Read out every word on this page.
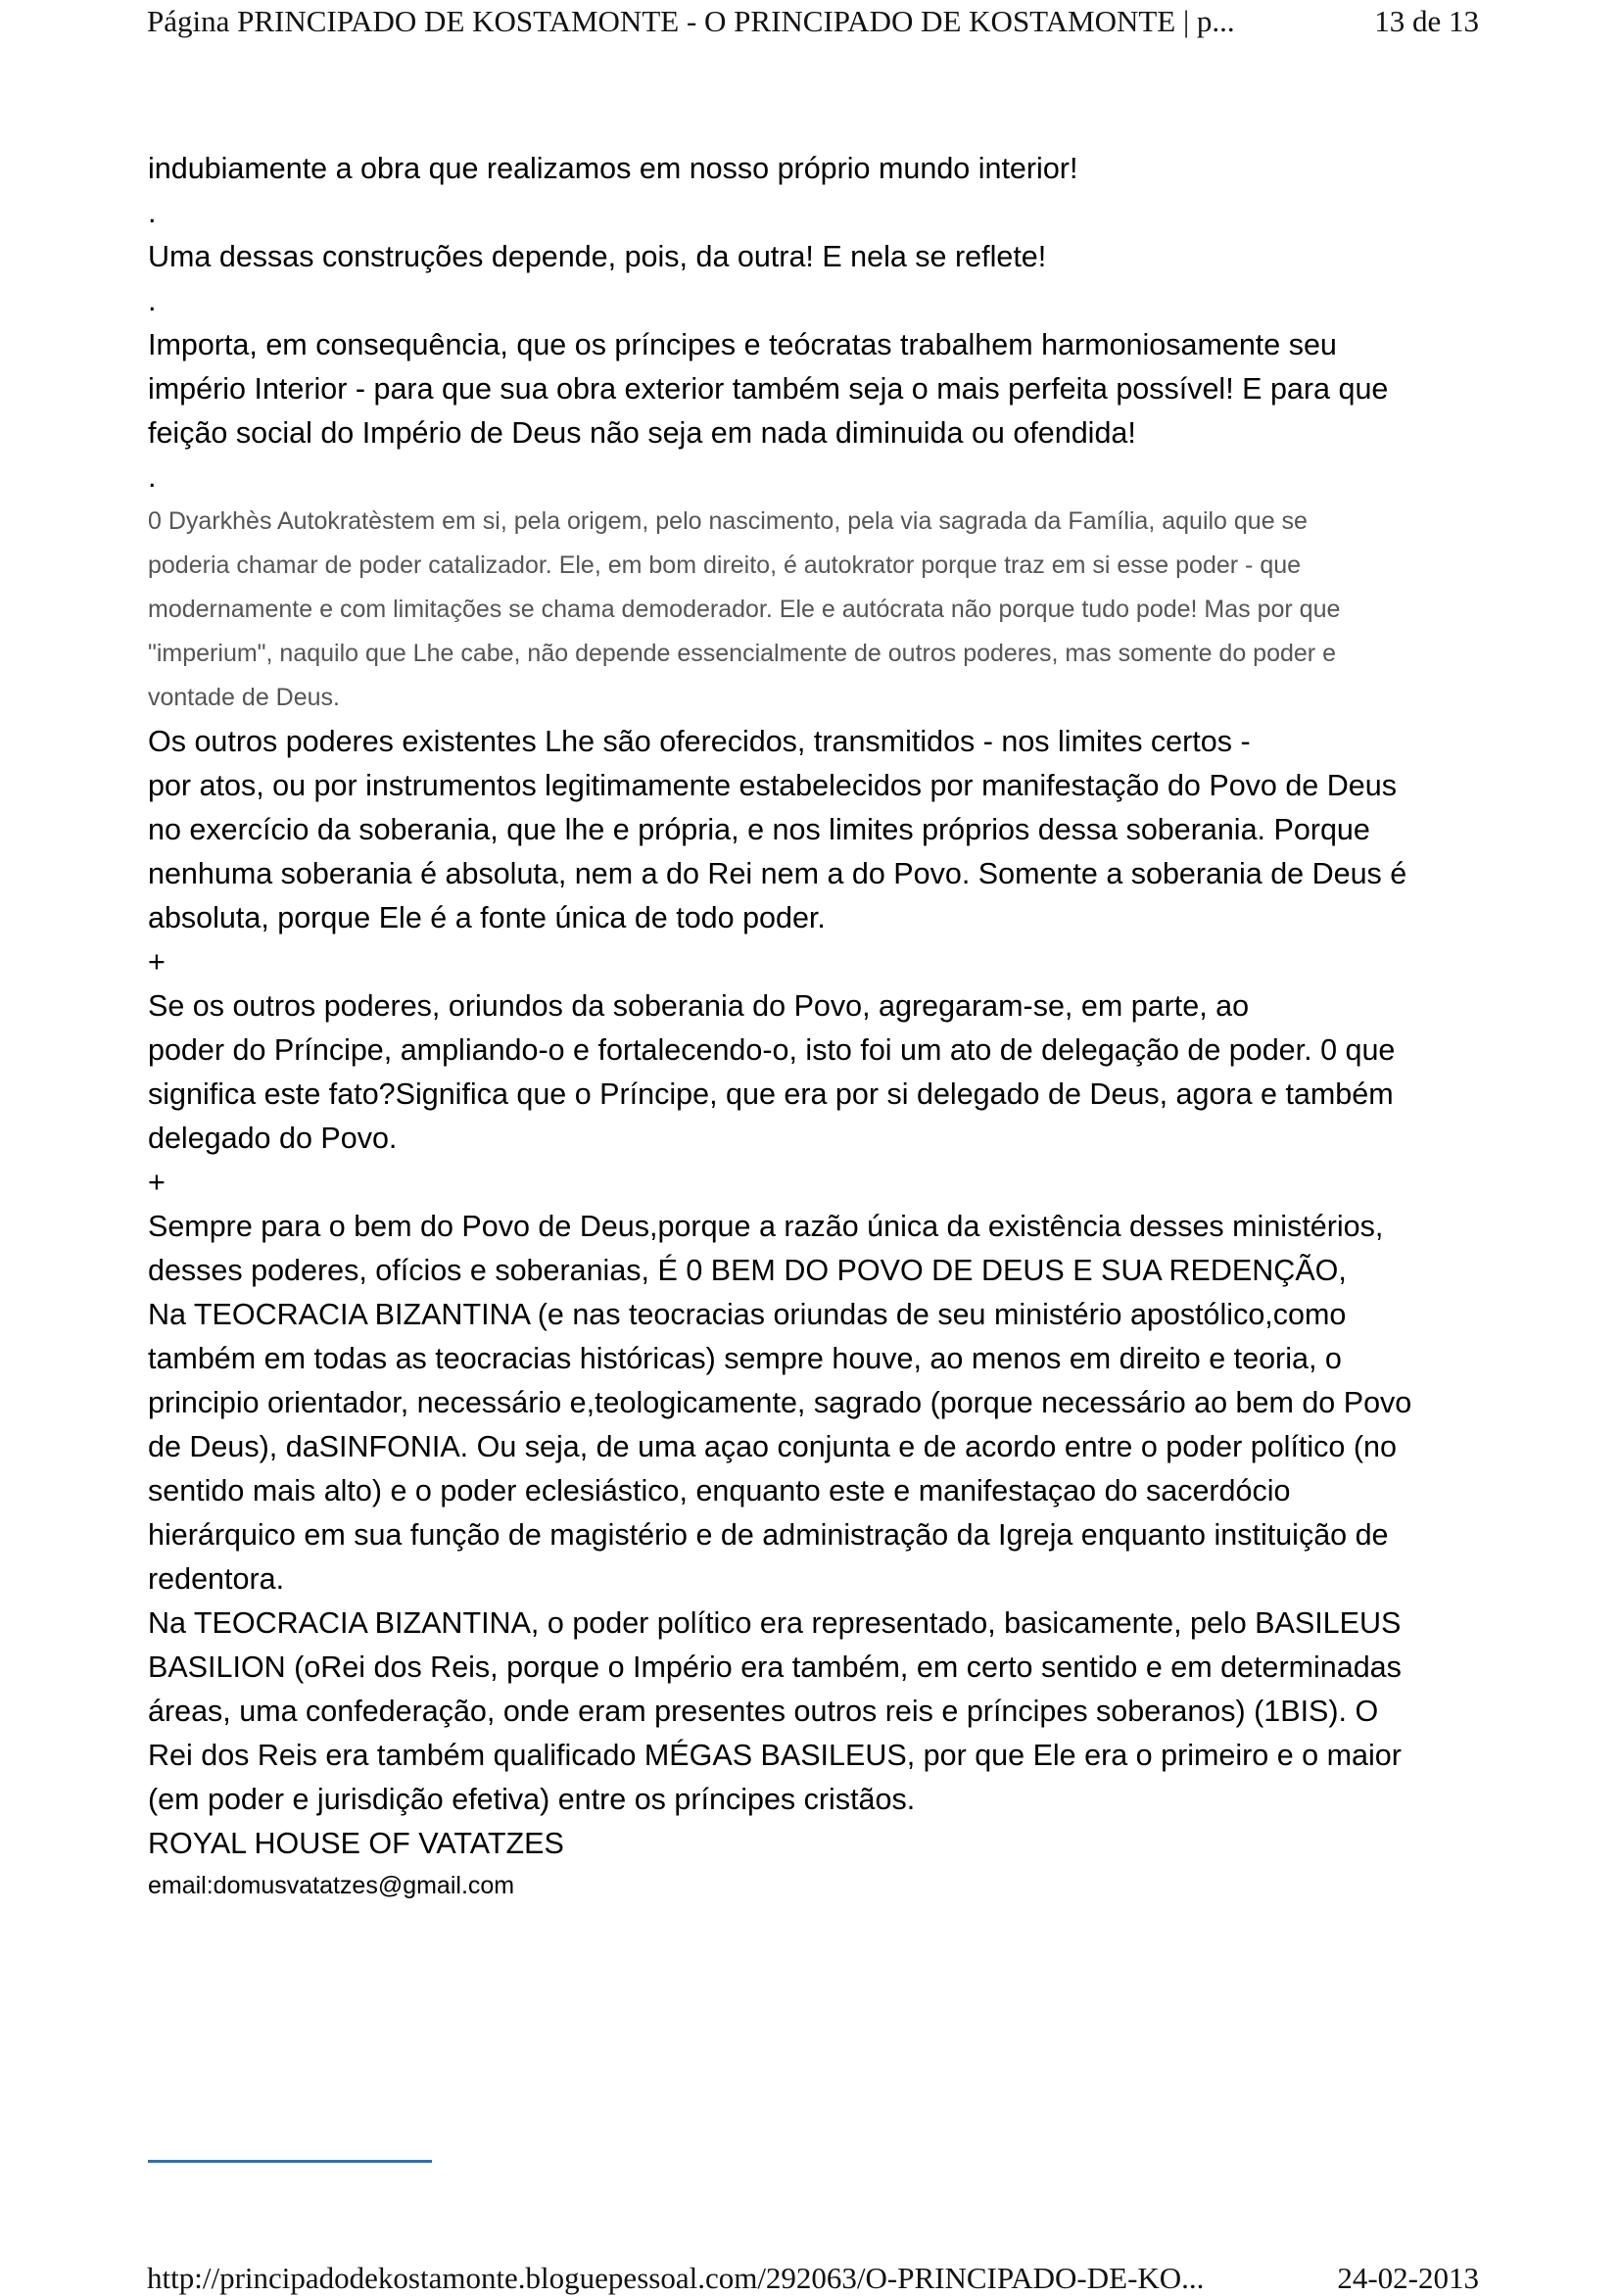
Página PRINCIPADO DE KOSTAMONTE - O PRINCIPADO DE KOSTAMONTE | p...	13 de 13
indubiamente a obra que realizamos em nosso próprio mundo interior!
.
Uma dessas construções depende, pois, da outra! E nela se reflete!
.
Importa, em consequência, que os príncipes e teócratas trabalhem harmoniosamente seu
império Interior - para que sua obra exterior também seja o mais perfeita possível! E para que
feição social do Império de Deus não seja em nada diminuida ou ofendida!
.
0 Dyarkhès Autokratèstem em si, pela origem, pelo nascimento, pela via sagrada da Família, aquilo que se
poderia chamar de poder catalizador. Ele, em bom direito, é autokrator porque traz em si esse poder - que
modernamente e com limitações se chama demoderador. Ele e autócrata não porque tudo pode! Mas por que
"imperium", naquilo que Lhe cabe, não depende essencialmente de outros poderes, mas somente do poder e
vontade de Deus.
Os outros poderes existentes Lhe são oferecidos, transmitidos - nos limites certos -
por atos, ou por instrumentos legitimamente estabelecidos por manifestação do Povo de Deus
no exercício da soberania, que lhe e própria, e nos limites próprios dessa soberania. Porque
nenhuma soberania é absoluta, nem a do Rei nem a do Povo. Somente a soberania de Deus é
absoluta, porque Ele é a fonte única de todo poder.
+
Se os outros poderes, oriundos da soberania do Povo, agregaram-se, em parte, ao
poder do Príncipe, ampliando-o e fortalecendo-o, isto foi um ato de delegação de poder. 0 que
significa este fato?Significa que o Príncipe, que era por si delegado de Deus, agora e também
delegado do Povo.
+
Sempre para o bem do Povo de Deus,porque a razão única da existência desses ministérios,
desses poderes, ofícios e soberanias, É 0 BEM DO POVO DE DEUS E SUA REDENÇÃO,
Na TEOCRACIA BIZANTINA (e nas teocracias oriundas de seu ministério apostólico,como
também em todas as teocracias históricas) sempre houve, ao menos em direito e teoria, o
principio orientador, necessário e,teologicamente, sagrado (porque necessário ao bem do Povo
de Deus), daSINFONIA. Ou seja, de uma açao conjunta e de acordo entre o poder político (no
sentido mais alto) e o poder eclesiástico, enquanto este e manifestaçao do sacerdócio
hierárquico em sua função de magistério e de administração da Igreja enquanto instituição de
redentora.
Na TEOCRACIA BIZANTINA, o poder político era representado, basicamente, pelo BASILEUS
BASILION (oRei dos Reis, porque o Império era também, em certo sentido e em determinadas
áreas, uma confederação, onde eram presentes outros reis e príncipes soberanos) (1BIS). O
Rei dos Reis era também qualificado MÉGAS BASILEUS, por que Ele era o primeiro e o maior
(em poder e jurisdição efetiva) entre os príncipes cristãos.
ROYAL HOUSE OF VATATZES
email:domusvatatzes@gmail.com
http://principadodekostamonte.bloguepessoal.com/292063/O-PRINCIPADO-DE-KO...	24-02-2013
